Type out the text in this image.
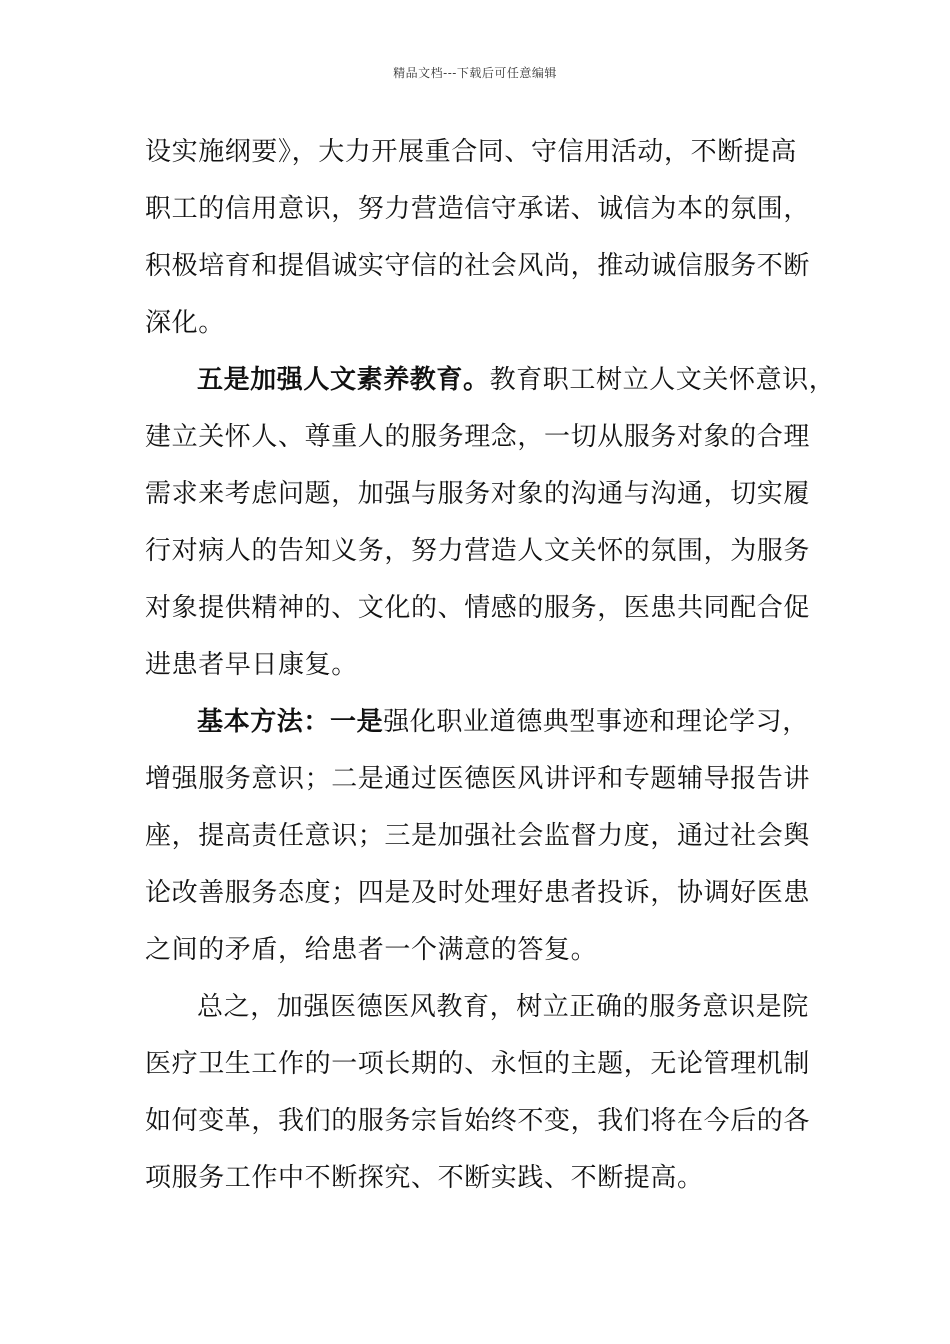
精品文档---下载后可任意编辑
设实施纲要》，大力开展重合同、守信用活动，不断提高
职工的信用意识，努力营造信守承诺、诚信为本的氛围，
积极培育和提倡诚实守信的社会风尚，推动诚信服务不断
深化。
五是加强人文素养教育。教育职工树立人文关怀意识，
建立关怀人、尊重人的服务理念，一切从服务对象的合理
需求来考虑问题，加强与服务对象的沟通与沟通，切实履
行对病人的告知义务，努力营造人文关怀的氛围，为服务
对象提供精神的、文化的、情感的服务，医患共同配合促
进患者早日康复。
基本方法：一是强化职业道德典型事迹和理论学习，
增强服务意识；二是通过医德医风讲评和专题辅导报告讲
座，提高责任意识；三是加强社会监督力度，通过社会舆
论改善服务态度；四是及时处理好患者投诉，协调好医患
之间的矛盾，给患者一个满意的答复。
总之，加强医德医风教育，树立正确的服务意识是院
医疗卫生工作的一项长期的、永恒的主题，无论管理机制
如何变革，我们的服务宗旨始终不变，我们将在今后的各
项服务工作中不断探究、不断实践、不断提高。
